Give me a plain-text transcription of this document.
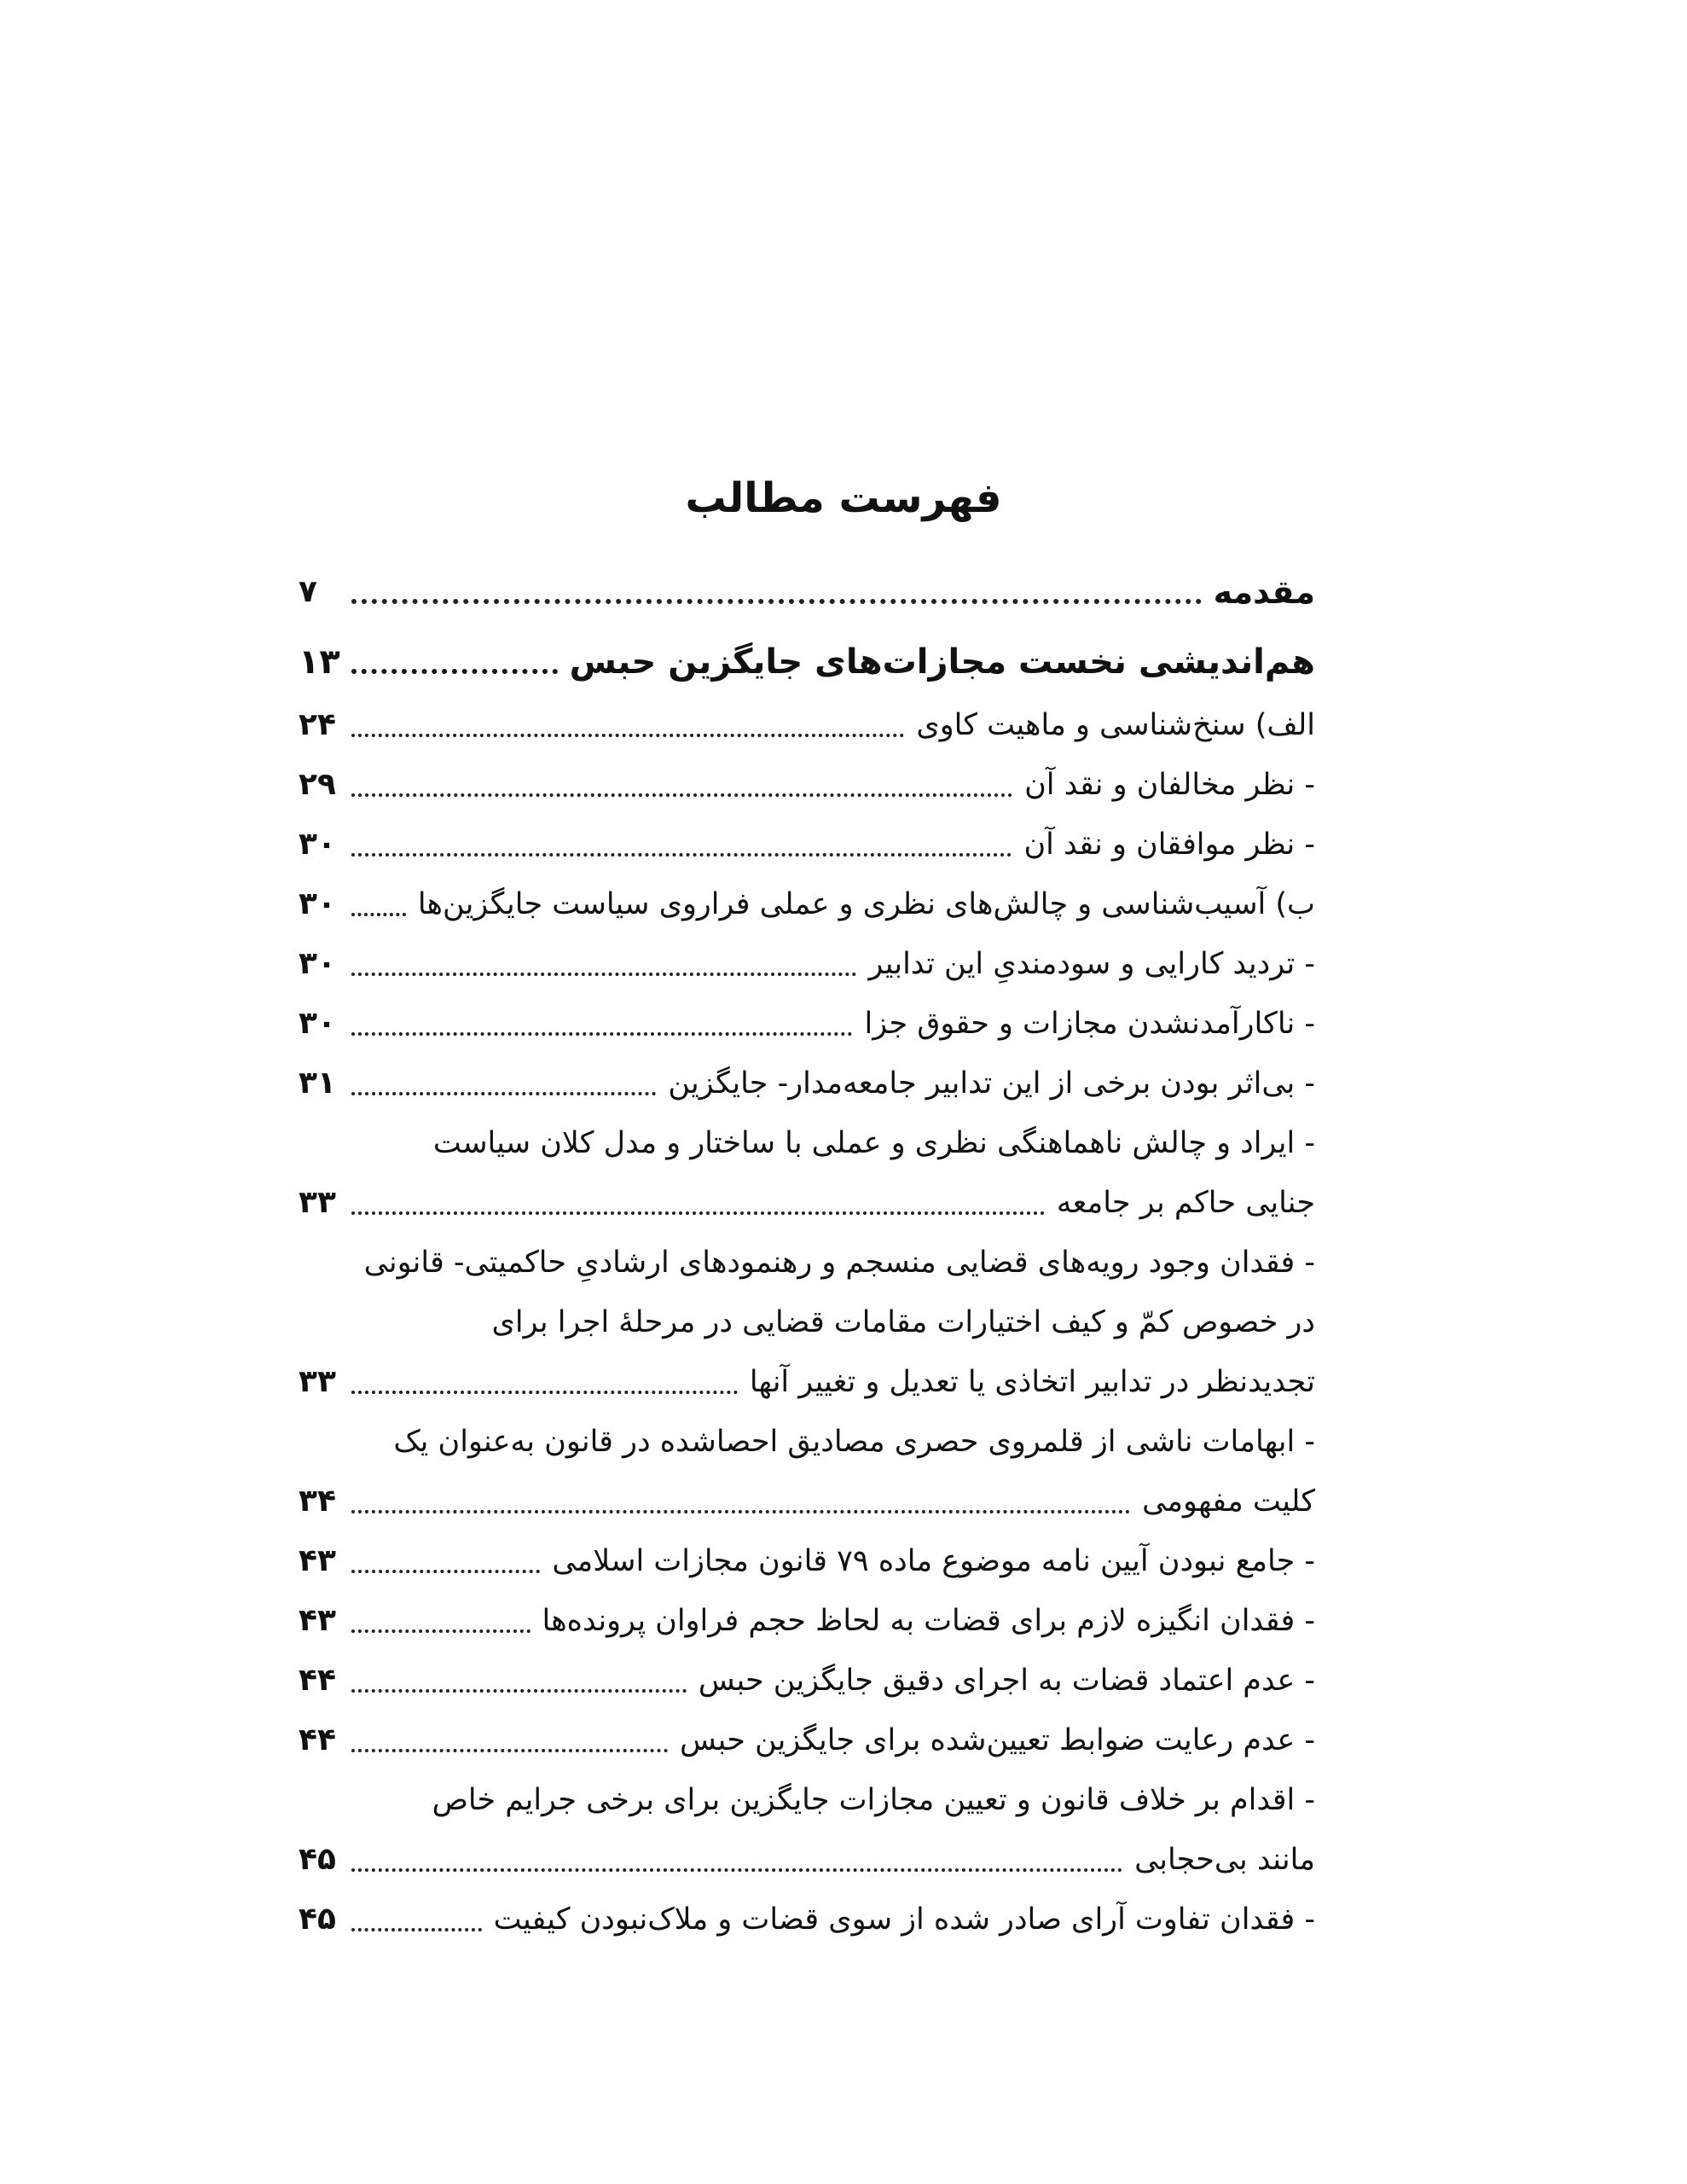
فهرست مطالب
مقدمه
۷
هم‌اندیشی نخست مجازات‌های جایگزین حبس
۱۳
الف) سنخ‌شناسی و ماهیت کاوی
۲۴
- نظر مخالفان و نقد آن
۲۹
- نظر موافقان و نقد آن
۳۰
ب) آسیب‌شناسی و چالش‌های نظری و عملی فراروی سیاست جایگزین‌ها
۳۰
- تردید کارایی و سودمندیِ این تدابیر
۳۰
- ناکارآمدنشدن مجازات و حقوق جزا
۳۰
- بی‌اثر بودن برخی از این تدابیر جامعه‌مدار- جایگزین
۳۱
- ایراد و چالش ناهماهنگی نظری و عملی با ساختار و مدل کلان سیاست
جنایی حاکم بر جامعه
۳۳
- فقدان وجود رویه‌های قضایی منسجم و رهنمودهای ارشادیِ حاکمیتی- قانونی
در خصوص کمّ و کیف اختیارات مقامات قضایی در مرحلهٔ اجرا برای
تجدیدنظر در تدابیر اتخاذی یا تعدیل و تغییر آنها
۳۳
- ابهامات ناشی از قلمروی حصری مصادیق احصاشده در قانون به‌عنوان یک
کلیت مفهومی
۳۴
- جامع نبودن آیین نامه موضوع ماده ۷۹ قانون مجازات اسلامی
۴۳
- فقدان انگیزه لازم برای قضات به لحاظ حجم فراوان پرونده‌ها
۴۳
- عدم اعتماد قضات به اجرای دقیق جایگزین حبس
۴۴
- عدم رعایت ضوابط تعیین‌شده برای جایگزین حبس
۴۴
- اقدام بر خلاف قانون و تعیین مجازات جایگزین برای برخی جرایم خاص
مانند بی‌حجابی
۴۵
- فقدان تفاوت آرای صادر شده از سوی قضات و ملاک‌نبودن کیفیت
۴۵
